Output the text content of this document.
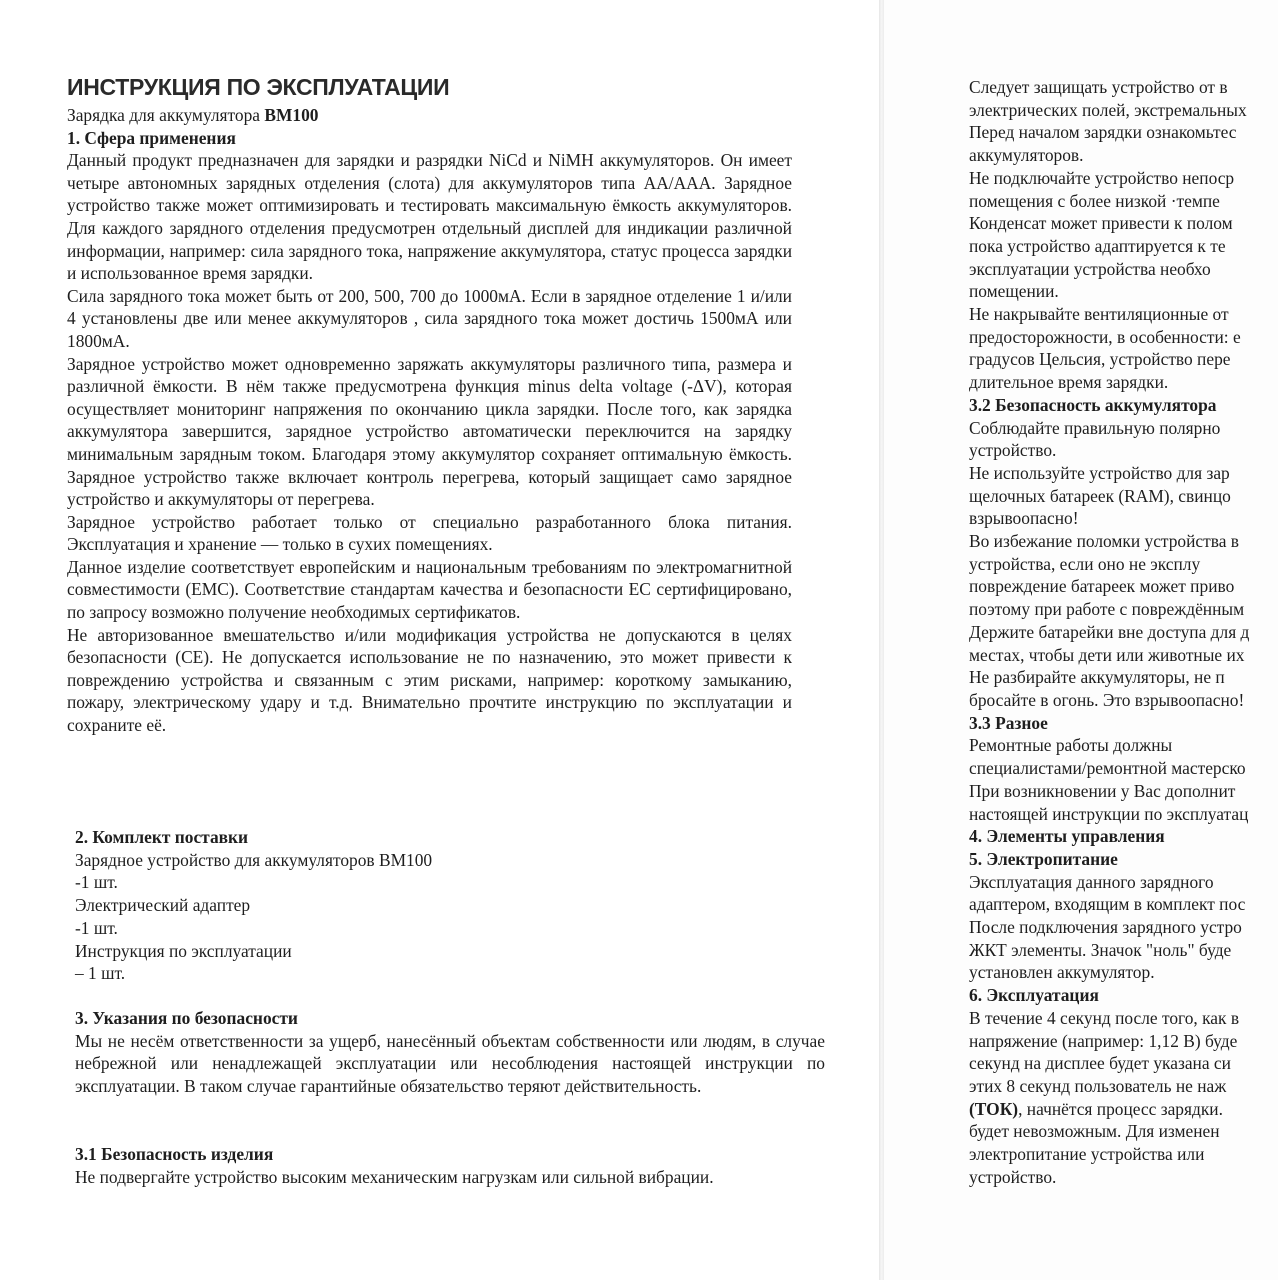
ИНСТРУКЦИЯ ПО ЭКСПЛУАТАЦИИ
Зарядка для аккумулятора BM100
1. Сфера применения
Данный продукт предназначен для зарядки и разрядки NiCd и NiMH аккумуляторов. Он имеет четыре автономных зарядных отделения (слота) для аккумуляторов типа АА/ААА. Зарядное устройство также может оптимизировать и тестировать максимальную ёмкость аккумуляторов. Для каждого зарядного отделения предусмотрен отдельный дисплей для индикации различной информации, например: сила зарядного тока, напряжение аккумулятора, статус процесса зарядки и использованное время зарядки.
Сила зарядного тока может быть от 200, 500, 700 до 1000мА. Если в зарядное отделение 1 и/или 4 установлены две или менее аккумуляторов , сила зарядного тока может достичь 1500мА или 1800мА.
Зарядное устройство может одновременно заряжать аккумуляторы различного типа, размера и различной ёмкости. В нём также предусмотрена функция minus delta voltage (-ΔV), которая осуществляет мониторинг напряжения по окончанию цикла зарядки. После того, как зарядка аккумулятора завершится, зарядное устройство автоматически переключится на зарядку минимальным зарядным током. Благодаря этому аккумулятор сохраняет оптимальную ёмкость. Зарядное устройство также включает контроль перегрева, который защищает само зарядное устройство и аккумуляторы от перегрева.
Зарядное устройство работает только от специально разработанного блока питания. Эксплуатация и хранение — только в сухих помещениях.
Данное изделие соответствует европейским и национальным требованиям по электромагнитной совместимости (EMC). Соответствие стандартам качества и безопасности ЕС сертифицировано, по запросу возможно получение необходимых сертификатов.
Не авторизованное вмешательство и/или модификация устройства не допускаются в целях безопасности (CE). Не допускается использование не по назначению, это может привести к повреждению устройства и связанным с этим рисками, например: короткому замыканию, пожару, электрическому удару и т.д. Внимательно прочтите инструкцию по эксплуатации и сохраните её.
2. Комплект поставки
Зарядное устройство для аккумуляторов BM100
-1 шт.
Электрический адаптер
-1 шт.
Инструкция по эксплуатации
– 1 шт.
3. Указания по безопасности
Мы не несём ответственности за ущерб, нанесённый объектам собственности или людям, в случае небрежной или ненадлежащей эксплуатации или несоблюдения настоящей инструкции по эксплуатации. В таком случае гарантийные обязательство теряют действительность.
3.1 Безопасность изделия
Не подвергайте устройство высоким механическим нагрузкам или сильной вибрации.
Следует защищать устройство от в
электрических полей, экстремальных
Перед началом зарядки ознакомьтес
аккумуляторов.
Не подключайте устройство непоср
помещения с более низкой ·темпе
Конденсат может привести к полом
пока устройство адаптируется к те
эксплуатации устройства необхо
помещении.
Не накрывайте вентиляционные от
предосторожности, в особенности: е
градусов Цельсия, устройство пере
длительное время зарядки.
3.2 Безопасность аккумулятора
Соблюдайте правильную полярно
устройство.
Не используйте устройство для зар
щелочных батареек (RAM), свинцо
взрывоопасно!
Во избежание поломки устройства в
устройства, если оно не эксплу
повреждение батареек может приво
поэтому при работе с повреждённым
Держите батарейки вне доступа для д
местах, чтобы дети или животные их
Не разбирайте аккумуляторы, не п
бросайте в огонь. Это взрывоопасно!
3.3 Разное
Ремонтные работы должны
специалистами/ремонтной мастерско
При возникновении у Вас дополнит
настоящей инструкции по эксплуатац
4. Элементы управления
5. Электропитание
Эксплуатация данного зарядного
адаптером, входящим в комплект пос
После подключения зарядного устро
ЖКТ элементы. Значок "ноль" буде
установлен аккумулятор.
6. Эксплуатация
В течение 4 секунд после того, как в
напряжение (например: 1,12 В) буде
секунд на дисплее будет указана си
этих 8 секунд пользователь не наж
(ТОК), начнётся процесс зарядки.
будет невозможным. Для изменен
электропитание устройства или
устройство.
